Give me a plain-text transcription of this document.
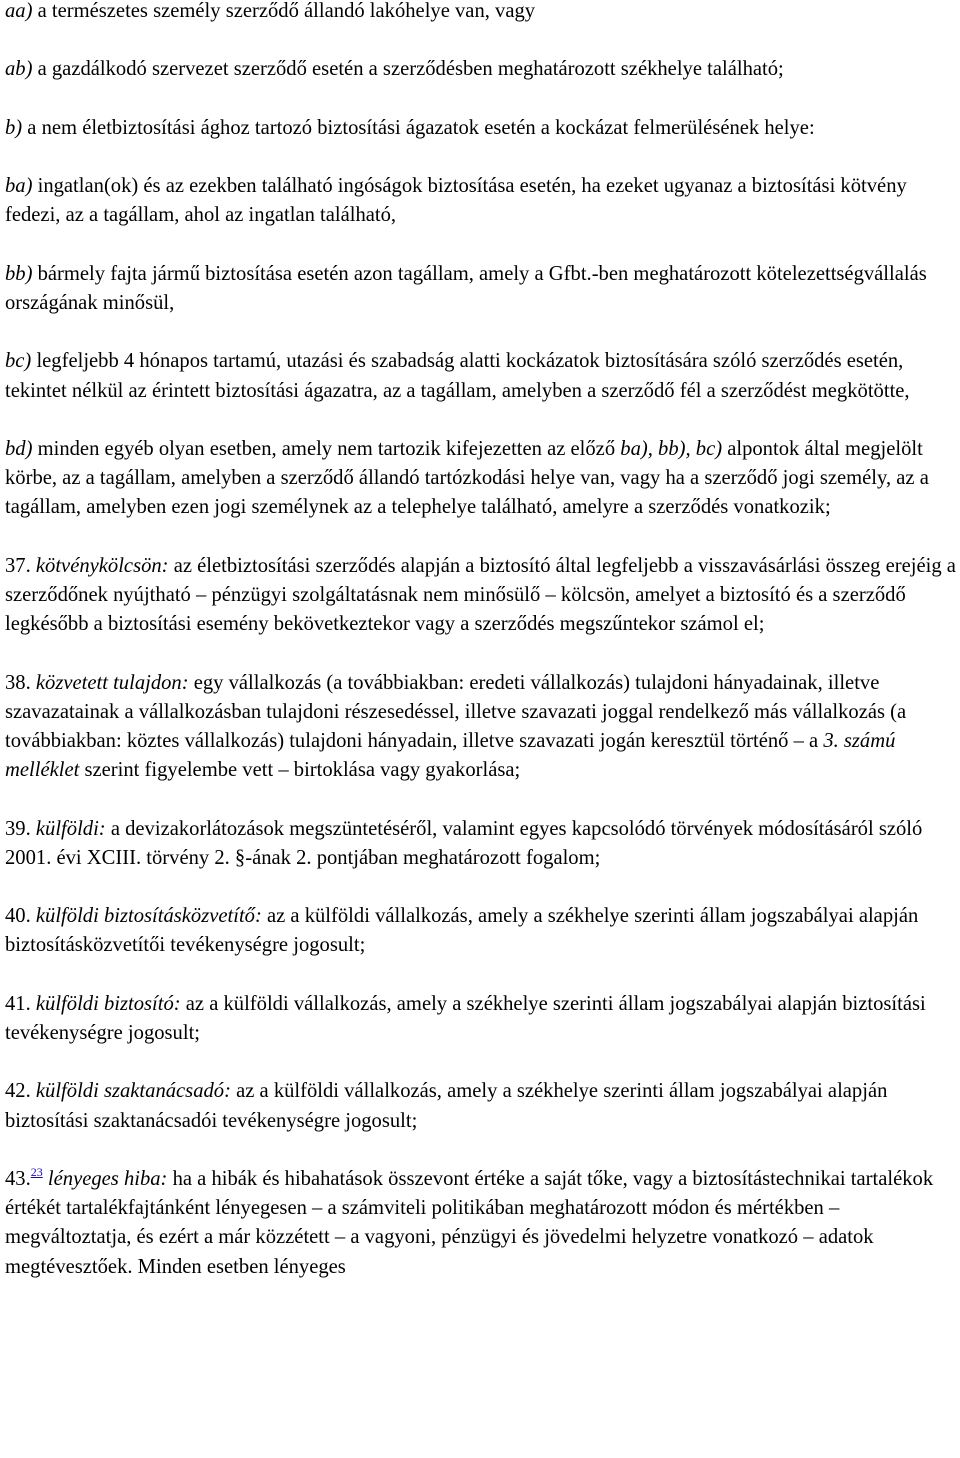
aa) a természetes személy szerződő állandó lakóhelye van, vagy

ab) a gazdálkodó szervezet szerződő esetén a szerződésben meghatározott székhelye található;

b) a nem életbiztosítási ághoz tartozó biztosítási ágazatok esetén a kockázat felmerülésének helye:

ba) ingatlan(ok) és az ezekben található ingóságok biztosítása esetén, ha ezeket ugyanaz a biztosítási kötvény fedezi, az a tagállam, ahol az ingatlan található,

bb) bármely fajta jármű biztosítása esetén azon tagállam, amely a Gfbt.-ben meghatározott kötelezettségvállalás országának minősül,

bc) legfeljebb 4 hónapos tartamú, utazási és szabadság alatti kockázatok biztosítására szóló szerződés esetén, tekintet nélkül az érintett biztosítási ágazatra, az a tagállam, amelyben a szerződő fél a szerződést megkötötte,

bd) minden egyéb olyan esetben, amely nem tartozik kifejezetten az előző ba), bb), bc) alpontok által megjelölt körbe, az a tagállam, amelyben a szerződő állandó tartózkodási helye van, vagy ha a szerződő jogi személy, az a tagállam, amelyben ezen jogi személynek az a telephelye található, amelyre a szerződés vonatkozik;

37. kötvénykölcsön: az életbiztosítási szerződés alapján a biztosító által legfeljebb a visszavásárlási összeg erejéig a szerződőnek nyújtható – pénzügyi szolgáltatásnak nem minősülő – kölcsön, amelyet a biztosító és a szerződő legkésőbb a biztosítási esemény bekövetkeztekor vagy a szerződés megszűntekor számol el;

38. közvetett tulajdon: egy vállalkozás (a továbbiakban: eredeti vállalkozás) tulajdoni hányadainak, illetve szavazatainak a vállalkozásban tulajdoni részesedéssel, illetve szavazati joggal rendelkező más vállalkozás (a továbbiakban: köztes vállalkozás) tulajdoni hányadain, illetve szavazati jogán keresztül történő – a 3. számú melléklet szerint figyelembe vett – birtoklása vagy gyakorlása;

39. külföldi: a devizakorlátozások megszüntetéséről, valamint egyes kapcsolódó törvények módosításáról szóló 2001. évi XCIII. törvény 2. §-ának 2. pontjában meghatározott fogalom;

40. külföldi biztosításközvetítő: az a külföldi vállalkozás, amely a székhelye szerinti állam jogszabályai alapján biztosításközvetítői tevékenységre jogosult;

41. külföldi biztosító: az a külföldi vállalkozás, amely a székhelye szerinti állam jogszabályai alapján biztosítási tevékenységre jogosult;

42. külföldi szaktanácsadó: az a külföldi vállalkozás, amely a székhelye szerinti állam jogszabályai alapján biztosítási szaktanácsadói tevékenységre jogosult;

43.23 lényeges hiba: ha a hibák és hibahatások összevont értéke a saját tőke, vagy a biztosítástechnikai tartalékok értékét tartalékfajtánként lényegesen – a számviteli politikában meghatározott módon és mértékben – megváltoztatja, és ezért a már közzétett – a vagyoni, pénzügyi és jövedelmi helyzetre vonatkozó – adatok megtévesztőek. Minden esetben lényeges
